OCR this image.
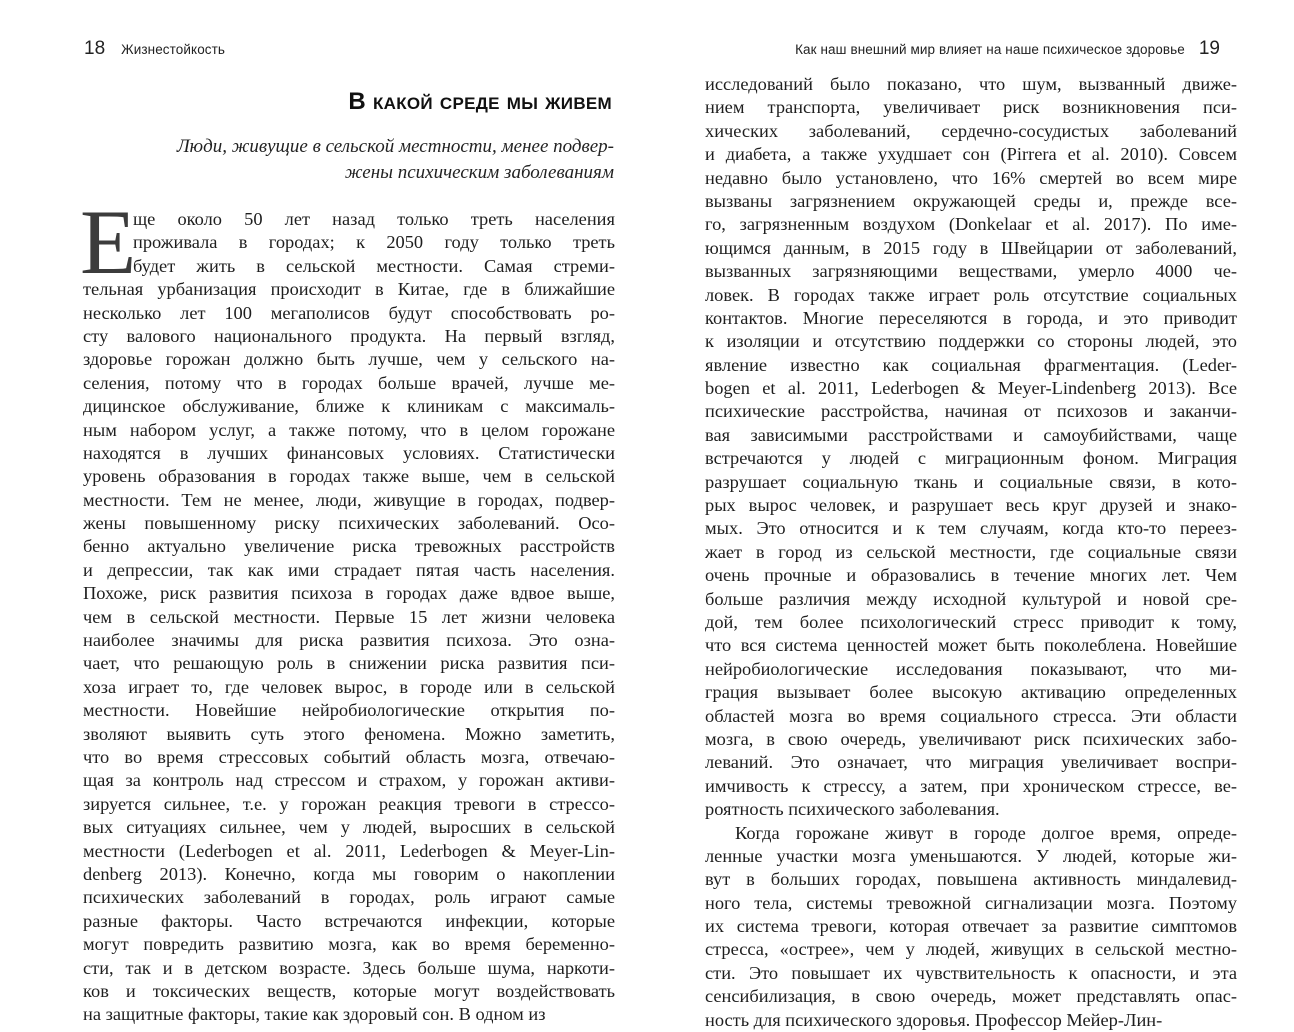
18 Жизнестойкость
В какой среде мы живем
Люди, живущие в сельской местности, менее подвер-
жены психическим заболеваниям
Е
ще около 50 лет назад только треть населения
проживала в городах; к 2050 году только треть
будет жить в сельской местности. Самая стреми-
тельная урбанизация происходит в Китае, где в ближайшие
несколько лет 100 мегаполисов будут способствовать ро-
сту валового национального продукта. На первый взгляд,
здоровье горожан должно быть лучше, чем у сельского на-
селения, потому что в городах больше врачей, лучше ме-
дицинское обслуживание, ближе к клиникам с максималь-
ным набором услуг, а также потому, что в целом горожане
находятся в лучших финансовых условиях. Статистически
уровень образования в городах также выше, чем в сельской
местности. Тем не менее, люди, живущие в городах, подвер-
жены повышенному риску психических заболеваний. Осо-
бенно актуально увеличение риска тревожных расстройств
и депрессии, так как ими страдает пятая часть населения.
Похоже, риск развития психоза в городах даже вдвое выше,
чем в сельской местности. Первые 15 лет жизни человека
наиболее значимы для риска развития психоза. Это озна-
чает, что решающую роль в снижении риска развития пси-
хоза играет то, где человек вырос, в городе или в сельской
местности. Новейшие нейробиологические открытия по-
зволяют выявить суть этого феномена. Можно заметить,
что во время стрессовых событий область мозга, отвечаю-
щая за контроль над стрессом и страхом, у горожан активи-
зируется сильнее, т.е. у горожан реакция тревоги в стрессо-
вых ситуациях сильнее, чем у людей, выросших в сельской
местности (Lederbogen et al. 2011, Lederbogen & Meyer-Lin-
denberg 2013). Конечно, когда мы говорим о накоплении
психических заболеваний в городах, роль играют самые
разные факторы. Часто встречаются инфекции, которые
могут повредить развитию мозга, как во время беременно-
сти, так и в детском возрасте. Здесь больше шума, наркоти-
ков и токсических веществ, которые могут воздействовать
на защитные факторы, такие как здоровый сон. В одном из
Как наш внешний мир влияет на наше психическое здоровье 19
исследований было показано, что шум, вызванный движе-
нием транспорта, увеличивает риск возникновения пси-
хических заболеваний, сердечно-сосудистых заболеваний
и диабета, а также ухудшает сон (Pirrera et al. 2010). Совсем
недавно было установлено, что 16% смертей во всем мире
вызваны загрязнением окружающей среды и, прежде все-
го, загрязненным воздухом (Donkelaar et al. 2017). По име-
ющимся данным, в 2015 году в Швейцарии от заболеваний,
вызванных загрязняющими веществами, умерло 4000 че-
ловек. В городах также играет роль отсутствие социальных
контактов. Многие переселяются в города, и это приводит
к изоляции и отсутствию поддержки со стороны людей, это
явление известно как социальная фрагментация. (Leder-
bogen et al. 2011, Lederbogen & Meyer-Lindenberg 2013). Все
психические расстройства, начиная от психозов и заканчи-
вая зависимыми расстройствами и самоубийствами, чаще
встречаются у людей с миграционным фоном. Миграция
разрушает социальную ткань и социальные связи, в кото-
рых вырос человек, и разрушает весь круг друзей и знако-
мых. Это относится и к тем случаям, когда кто-то переез-
жает в город из сельской местности, где социальные связи
очень прочные и образовались в течение многих лет. Чем
больше различия между исходной культурой и новой сре-
дой, тем более психологический стресс приводит к тому,
что вся система ценностей может быть поколеблена. Новейшие
нейробиологические исследования показывают, что ми-
грация вызывает более высокую активацию определенных
областей мозга во время социального стресса. Эти области
мозга, в свою очередь, увеличивают риск психических забо-
леваний. Это означает, что миграция увеличивает воспри-
имчивость к стрессу, а затем, при хроническом стрессе, ве-
роятность психического заболевания.
Когда горожане живут в городе долгое время, опреде-
ленные участки мозга уменьшаются. У людей, которые жи-
вут в больших городах, повышена активность миндалевид-
ного тела, системы тревожной сигнализации мозга. Поэтому
их система тревоги, которая отвечает за развитие симптомов
стресса, «острее», чем у людей, живущих в сельской местно-
сти. Это повышает их чувствительность к опасности, и эта
сенсибилизация, в свою очередь, может представлять опас-
ность для психического здоровья. Профессор Мейер-Лин-
